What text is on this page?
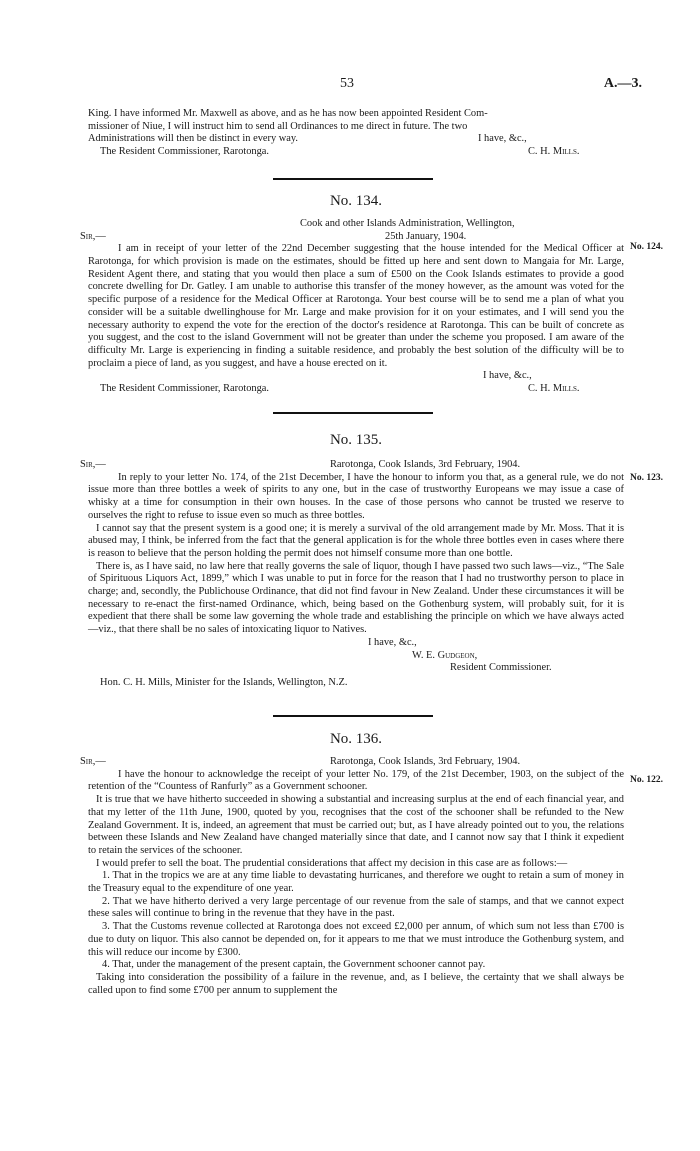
53	A.—3.

King. I have informed Mr. Maxwell as above, and as he has now been appointed Resident Com-

missioner of Niue, I will instruct him to send all Ordinances to me direct in future. The two

Administrations will then be distinct in every way.	I have, &c.,
The Resident Commissioner, Rarotonga.	C. H. Mills.
No. 134.
Cook and other Islands Administration, Wellington,
Sir,—	25th January, 1904.

I am in receipt of your letter of the 22nd December suggesting that the house intended for the Medical Officer at Rarotonga, for which provision is made on the estimates, should be fitted up here and sent down to Mangaia for Mr. Large, Resident Agent there, and stating that you would then place a sum of £500 on the Cook Islands estimates to provide a good concrete dwelling for Dr. Gatley. I am unable to authorise this transfer of the money however, as the amount was voted for the specific purpose of a residence for the Medical Officer at Rarotonga. Your best course will be to send me a plan of what you consider will be a suitable dwellinghouse for Mr. Large and make provision for it on your estimates, and I will send you the necessary authority to expend the vote for the erection of the doctor's residence at Rarotonga. This can be built of concrete as you suggest, and the cost to the island Government will not be greater than under the scheme you proposed. I am aware of the difficulty Mr. Large is experiencing in finding a suitable residence, and probably the best solution of the difficulty will be to proclaim a piece of land, as you suggest, and have a house erected on it.

I have, &c.,
The Resident Commissioner, Rarotonga.	C. H. Mills.
No. 124.
No. 135.
Sir,—	Rarotonga, Cook Islands, 3rd February, 1904.

In reply to your letter No. 174, of the 21st December, I have the honour to inform you that, as a general rule, we do not issue more than three bottles a week of spirits to any one, but in the case of trustworthy Europeans we may issue a case of whisky at a time for consumption in their own houses. In the case of those persons who cannot be trusted we reserve to ourselves the right to refuse to issue even so much as three bottles.

I cannot say that the present system is a good one; it is merely a survival of the old arrangement made by Mr. Moss. That it is abused may, I think, be inferred from the fact that the general application is for the whole three bottles even in cases where there is reason to believe that the person holding the permit does not himself consume more than one bottle.

There is, as I have said, no law here that really governs the sale of liquor, though I have passed two such laws—viz., “The Sale of Spirituous Liquors Act, 1899,” which I was unable to put in force for the reason that I had no trustworthy person to place in charge; and, secondly, the Publichouse Ordinance, that did not find favour in New Zealand. Under these circumstances it will be necessary to re-enact the first-named Ordinance, which, being based on the Gothenburg system, will probably suit, for it is expedient that there shall be some law governing the whole trade and establishing the principle on which we have always acted—viz., that there shall be no sales of intoxicating liquor to Natives.

I have, &c.,
W. E. Gudgeon,
Resident Commissioner.
Hon. C. H. Mills, Minister for the Islands, Wellington, N.Z.
No. 123.
No. 136.
Sir,—	Rarotonga, Cook Islands, 3rd February, 1904.

I have the honour to acknowledge the receipt of your letter No. 179, of the 21st December, 1903, on the subject of the retention of the “Countess of Ranfurly” as a Government schooner.

It is true that we have hitherto succeeded in showing a substantial and increasing surplus at the end of each financial year, and that my letter of the 11th June, 1900, quoted by you, recognises that the cost of the schooner shall be refunded to the New Zealand Government. It is, indeed, an agreement that must be carried out; but, as I have already pointed out to you, the relations between these Islands and New Zealand have changed materially since that date, and I cannot now say that I think it expedient to retain the services of the schooner.

I would prefer to sell the boat. The prudential considerations that affect my decision in this case are as follows:—

1. That in the tropics we are at any time liable to devastating hurricanes, and therefore we ought to retain a sum of money in the Treasury equal to the expenditure of one year.

2. That we have hitherto derived a very large percentage of our revenue from the sale of stamps, and that we cannot expect these sales will continue to bring in the revenue that they have in the past.

3. That the Customs revenue collected at Rarotonga does not exceed £2,000 per annum, of which sum not less than £700 is due to duty on liquor. This also cannot be depended on, for it appears to me that we must introduce the Gothenburg system, and this will reduce our income by £300.

4. That, under the management of the present captain, the Government schooner cannot pay.

Taking into consideration the possibility of a failure in the revenue, and, as I believe, the certainty that we shall always be called upon to find some £700 per annum to supplement the

No. 122.
